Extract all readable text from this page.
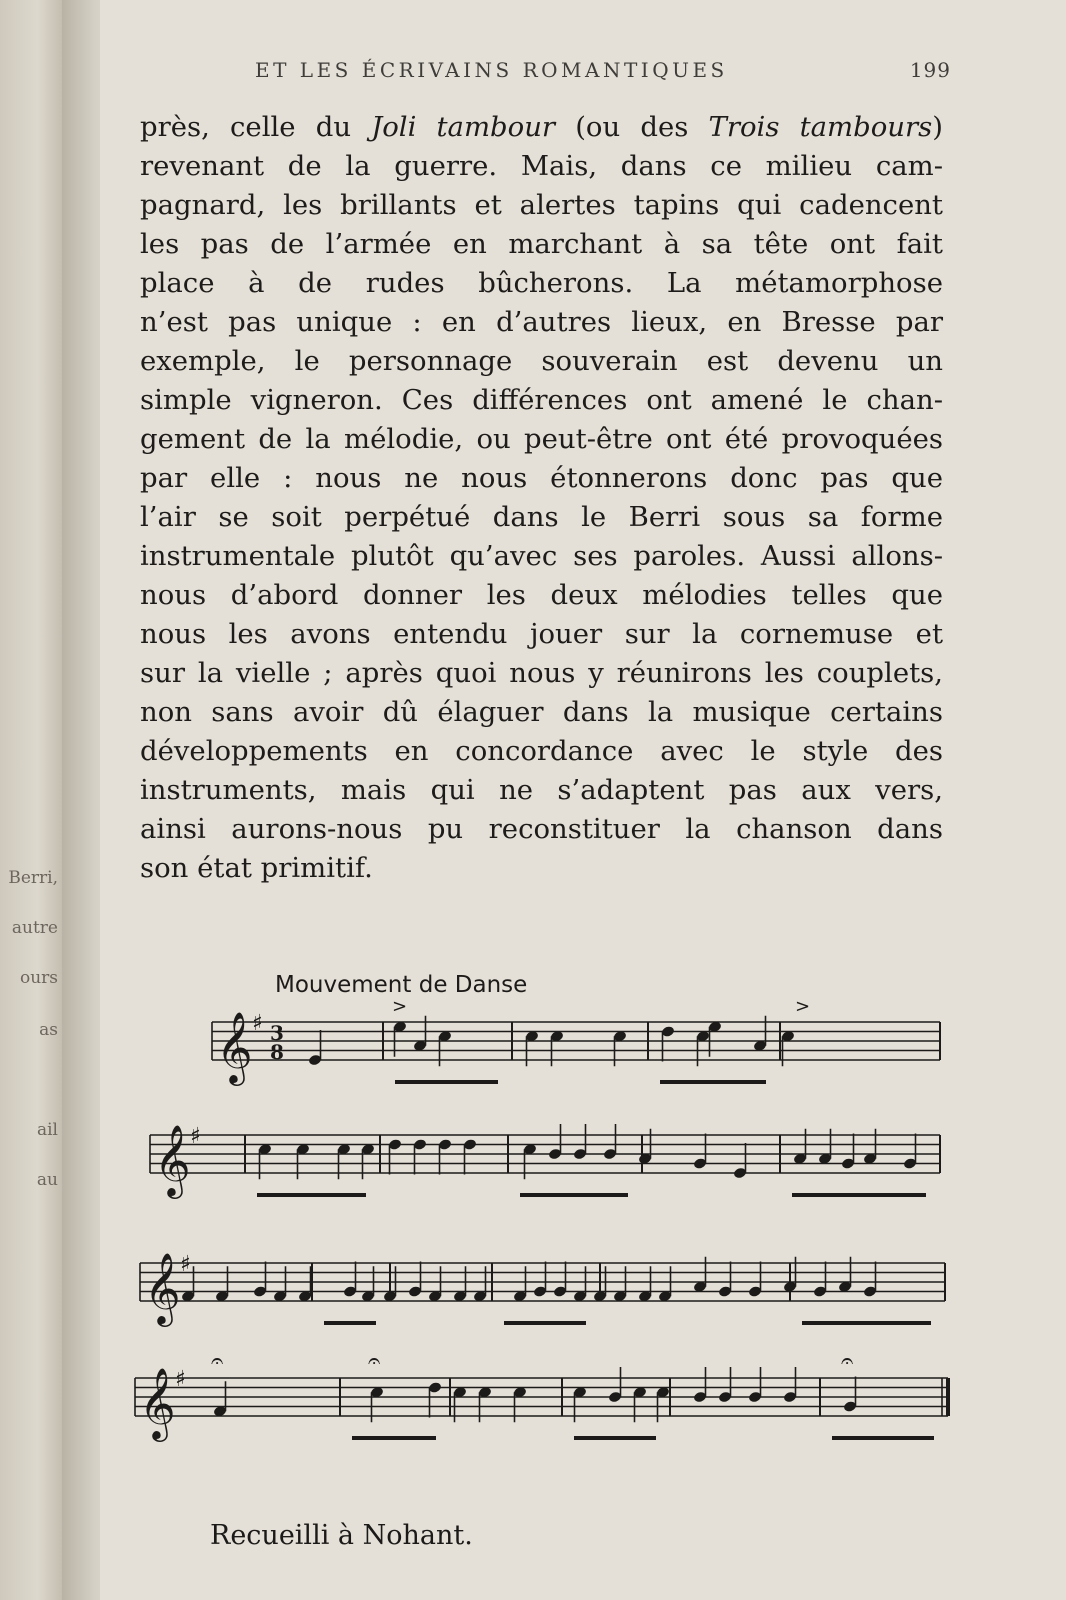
Berri,
autre
ours
as
ail
au
ET LES ÉCRIVAINS ROMANTIQUES	199
près, celle du Joli tambour (ou des Trois tambours)
revenant de la guerre. Mais, dans ce milieu cam-
pagnard, les brillants et alertes tapins qui cadencent
les pas de l’armée en marchant à sa tête ont fait
place à de rudes bûcherons. La métamorphose
n’est pas unique : en d’autres lieux, en Bresse par
exemple, le personnage souverain est devenu un
simple vigneron. Ces différences ont amené le chan-
gement de la mélodie, ou peut-être ont été provoquées
par elle : nous ne nous étonnerons donc pas que
l’air se soit perpétué dans le Berri sous sa forme
instrumentale plutôt qu’avec ses paroles. Aussi allons-
nous d’abord donner les deux mélodies telles que
nous les avons entendu jouer sur la cornemuse et
sur la vielle ; après quoi nous y réunirons les couplets,
non sans avoir dû élaguer dans la musique certains
développements en concordance avec le style des
instruments, mais qui ne s’adaptent pas aux vers,
ainsi aurons-nous pu reconstituer la chanson dans
son état primitif.
Mouvement de Danse
𝄞 ♯ 3
8
𝄞 ♯
𝄞 ♯
𝄞 ♯
𝄐	𝄐	𝄐
>	>
Recueilli à Nohant.
